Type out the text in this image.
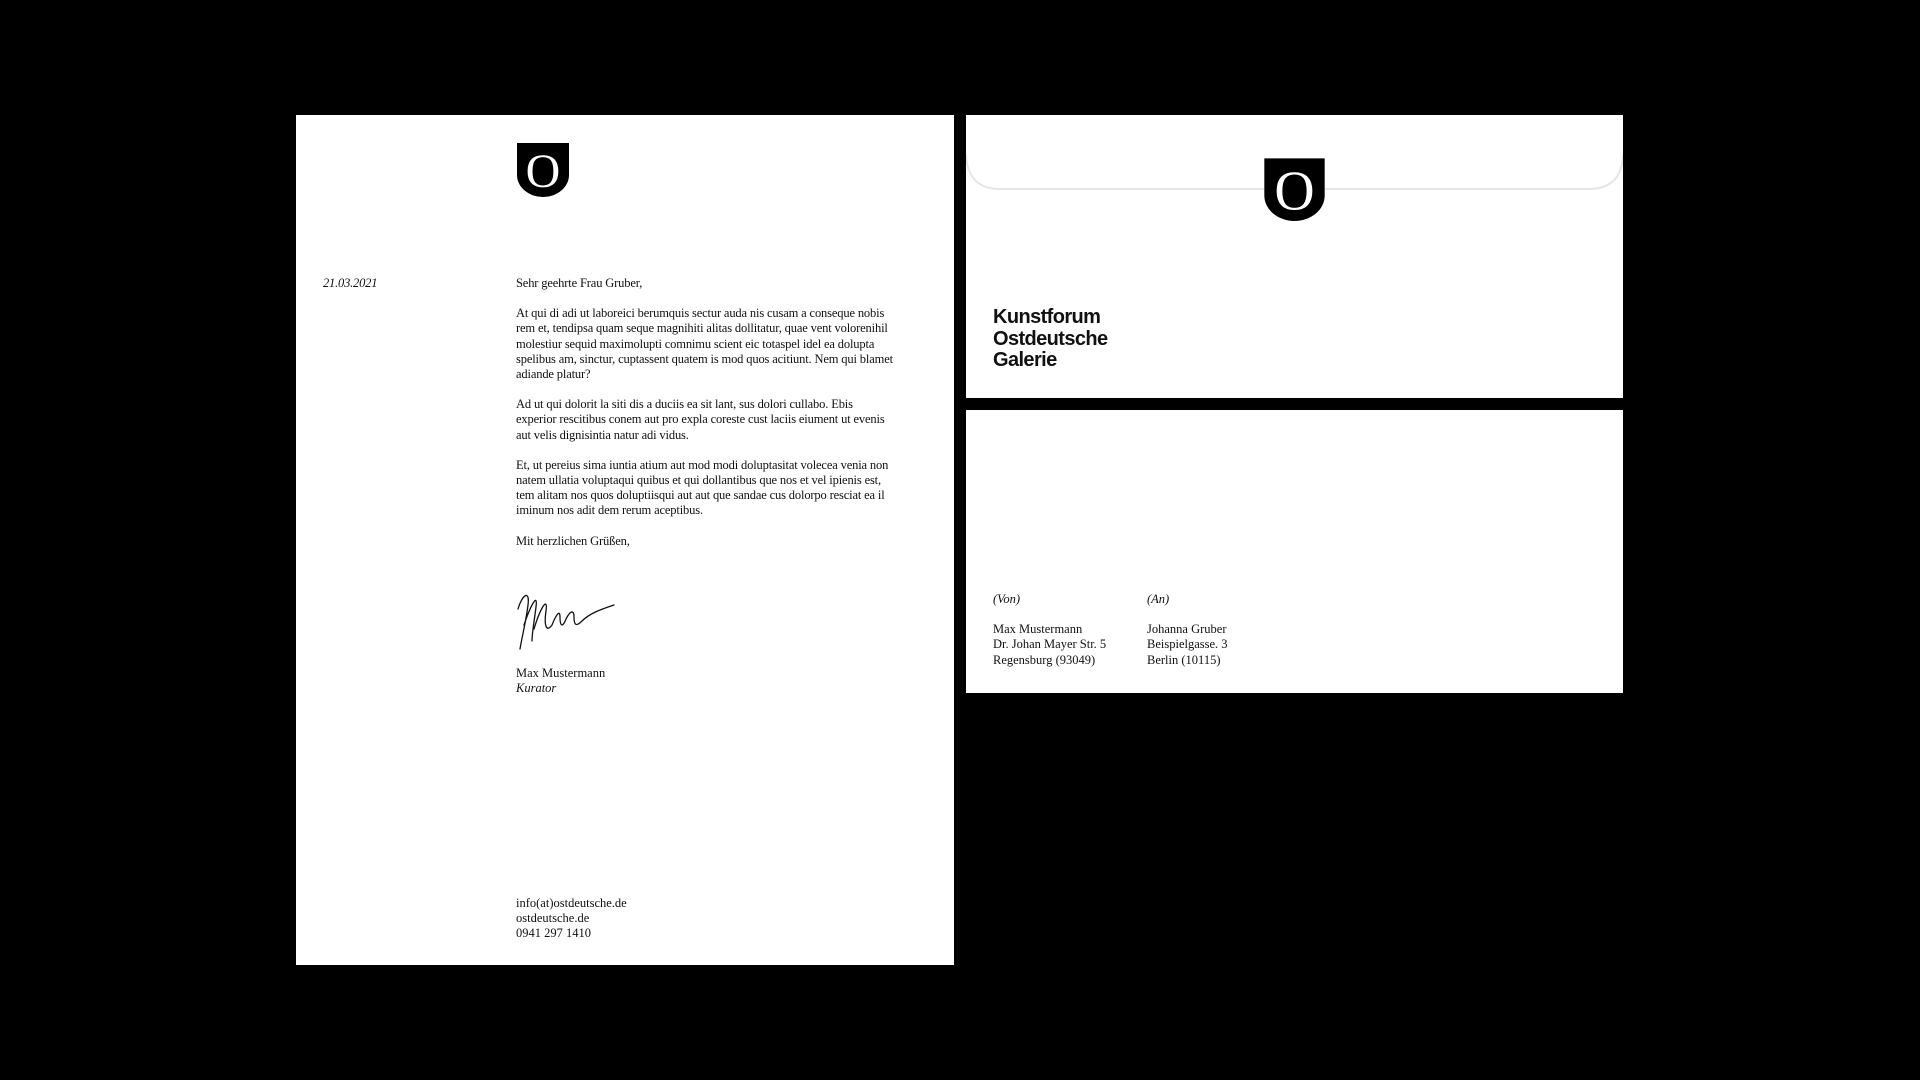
O
21.03.2021	Sehr geehrte Frau Gruber,

At qui di adi ut laboreici berumquis sectur auda nis cusam a conseque nobis rem et, tendipsa quam seque magnihiti alitas dollitatur, quae vent volorenihil molestiur sequid maximolupti comnimu scient eic totaspel idel ea dolupta spelibus am, sinctur, cuptassent quatem is mod quos acitiunt. Nem qui blamet adiande platur?

Ad ut qui dolorit la siti dis a duciis ea sit lant, sus dolori cullabo. Ebis experior rescitibus conem aut pro expla coreste cust laciis eiument ut evenis aut velis dignisintia natur adi vidus.

Et, ut pereius sima iuntia atium aut mod modi doluptasitat volecea venia non natem ullatia voluptaqui quibus et qui dollantibus que nos et vel ipienis est, tem alitam nos quos doluptiisqui aut aut que sandae cus dolorpo resciat ea il iminum nos adit dem rerum aceptibus.

Mit herzlichen Grüßen,

Max Mustermann
Kurator
info(at)ostdeutsche.de
ostdeutsche.de
0941 297 1410
O
Kunstforum
Ostdeutsche
Galerie
(Von)
Max Mustermann
Dr. Johan Mayer Str. 5
Regensburg (93049)
(An)
Johanna Gruber
Beispielgasse. 3
Berlin (10115)
